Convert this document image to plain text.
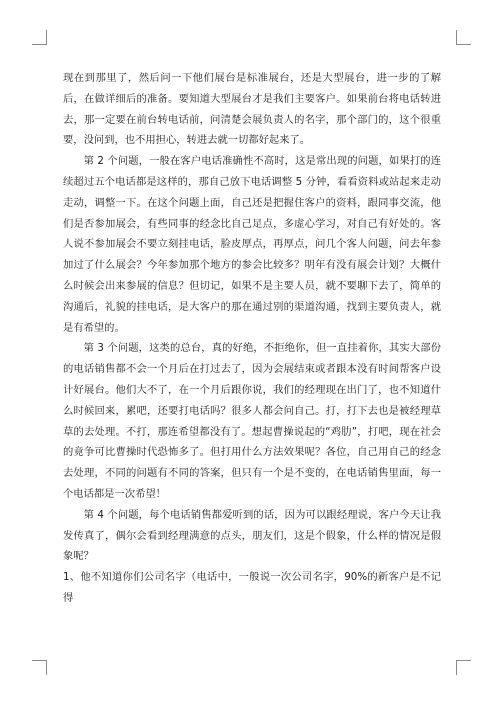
现在到那里了，然后问一下他们展台是标准展台，还是大型展台，进一步的了解后，在做详细后的准备。要知道大型展台才是我们主要客户。如果前台将电话转进去，那一定要在前台转电话前，问清楚会展负责人的名字，那个部门的，这个很重要，没问到，也不用担心，转进去就一切都好起来了。

第 2 个问题，一般在客户电话准确性不高时，这是常出现的问题，如果打的连续超过五个电话都是这样的，那自己放下电话调整 5 分钟，看看资料或站起来走动走动，调整一下。在这个问题上面，自己还是把握住客户的资料，跟同事交流，他们是否参加展会，有些同事的经念比自己足点，多虚心学习，对自己有好处的。客人说不参加展会不要立刻挂电话，脸皮厚点，再厚点，问几个客人问题，问去年参加过了什么展会？今年参加那个地方的参会比较多？明年有没有展会计划？大概什么时候会出来参展的信息？但切记，如果不是主要人员，就不要聊下去了，简单的沟通后，礼貌的挂电话，是大客户的那在通过别的渠道沟通，找到主要负责人，就是有希望的。

第 3 个问题，这类的总台，真的好绝，不拒绝你，但一直挂着你，其实大部份的电话销售都不会一个月后在打过去了，因为会展结束或者跟本没有时间帮客户设计好展台。他们大不了，在一个月后跟你说，我们的经理现在出门了，也不知道什么时候回来，累吧，还要打电话吗？很多人都会问自己。打，打下去也是被经理草草的去处理。不打，那连希望都没有了。想起曹操说起的“鸡肋”，打吧，现在社会的竟争可比曹操时代恐怖多了。但打用什么方法效果呢？各位，自己用自己的经念去处理，不同的问题有不同的答案，但只有一个是不变的，在电话销售里面，每一个电话都是一次希望！

第 4 个问题，每个电话销售都爱听到的话，因为可以跟经理说，客户今天让我发传真了，偶尔会看到经理满意的点头，朋友们，这是个假象，什么样的情况是假象呢？

1、他不知道你们公司名字（电话中，一般说一次公司名字，90%的新客户是不记得
